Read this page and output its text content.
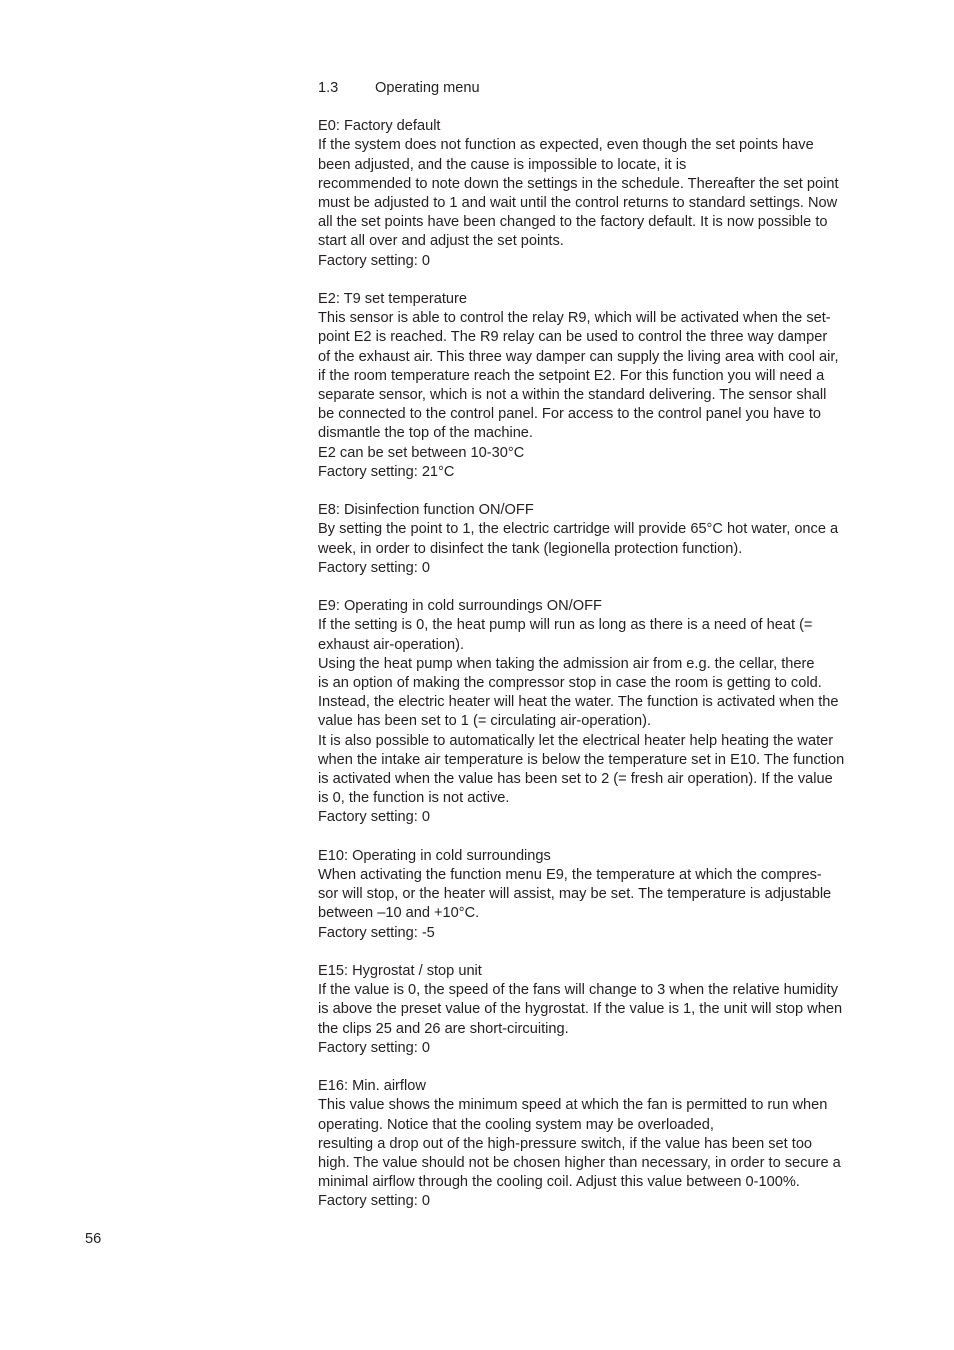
1.3	Operating menu
E0: Factory default
If the system does not function as expected, even though the set points have
been adjusted, and the cause is impossible to locate, it is
recommended to note down the settings in the schedule. Thereafter the set point
must be adjusted to 1 and wait until the control returns to standard settings. Now
all the set points have been changed to the factory default. It is now possible to
start all over and adjust the set points.
Factory setting: 0
E2: T9 set temperature
This sensor is able to control the relay R9, which will be activated when the set-
point E2 is reached. The R9 relay can be used to control the three way damper
of the exhaust air. This three way damper can supply the living area with cool air,
if the room temperature reach the setpoint E2. For this function you will need a
separate sensor, which is not a within the standard delivering. The sensor shall
be connected to the control panel. For access to the control panel you have to
dismantle the top of the machine.
E2 can be set between 10-30°C
Factory setting: 21°C
E8: Disinfection function ON/OFF
By setting the point to 1, the electric cartridge will provide 65°C hot water, once a
week, in order to disinfect the tank (legionella protection function).
Factory setting: 0
E9: Operating in cold surroundings ON/OFF
If the setting is 0, the heat pump will run as long as there is a need of heat (=
exhaust air-operation).
Using the heat pump when taking the admission air from e.g. the cellar, there
is an option of making the compressor stop in case the room is getting to cold.
Instead, the electric heater will heat the water. The function is activated when the
value has been set to 1 (= circulating air-operation).
It is also possible to automatically let the electrical heater help heating the water
when the intake air temperature is below the temperature set in E10. The function
is activated when the value has been set to 2 (= fresh air operation). If the value
is 0, the function is not active.
Factory setting: 0
E10: Operating in cold surroundings
When activating the function menu E9, the temperature at which the compres-
sor will stop, or the heater will assist, may be set. The temperature is adjustable
between –10 and +10°C.
Factory setting: -5
E15: Hygrostat / stop unit
If the value is 0, the speed of the fans will change to 3 when the relative humidity
is above the preset value of the hygrostat. If the value is 1, the unit will stop when
the clips 25 and 26 are short-circuiting.
Factory setting: 0
E16: Min. airflow
This value shows the minimum speed at which the fan is permitted to run when
operating. Notice that the cooling system may be overloaded,
resulting a drop out of the high-pressure switch, if the value has been set too
high. The value should not be chosen higher than necessary, in order to secure a
minimal airflow through the cooling coil. Adjust this value between 0-100%.
Factory setting: 0
56
